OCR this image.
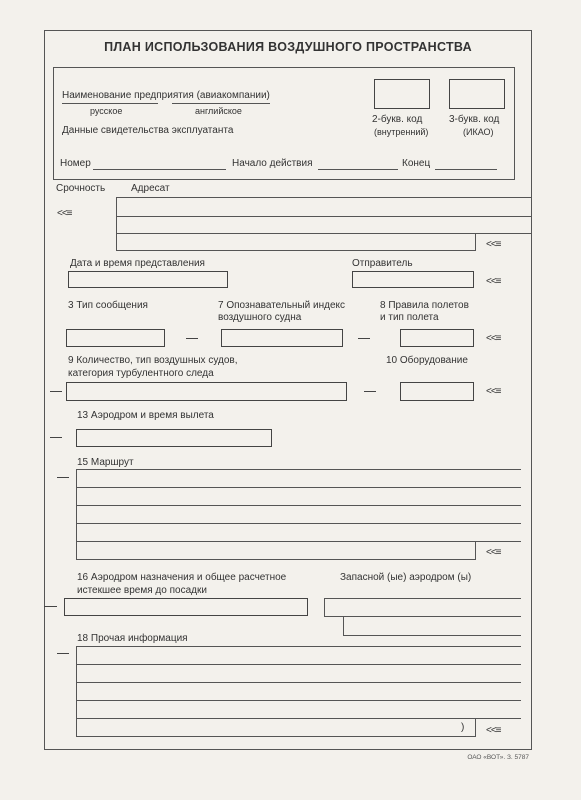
ПЛАН ИСПОЛЬЗОВАНИЯ ВОЗДУШНОГО ПРОСТРАНСТВА
Наименование предприятия (авиакомпании)
русское	английское
Данные свидетельства эксплуатанта
2-букв. код
(внутренний)
3-букв. код
(ИКАО)
Номер	Начало действия	Конец
Срочность	Адресат
<<≡
<<≡
Дата и время представления	Отправитель
<<≡
3 Тип сообщения	7 Опознавательный индекс
воздушного судна
8 Правила полетов
и тип полета
<<≡
9 Количество, тип воздушных судов,
категория турбулентного следа
10 Оборудование
<<≡
13 Аэродром и время вылета
15 Маршрут
<<≡
16 Аэродром назначения и общее расчетное
истекшее время до посадки
Запасной (ые) аэродром (ы)
18 Прочая информация
) <<≡
ОАО «ВОТ». З. 5787
